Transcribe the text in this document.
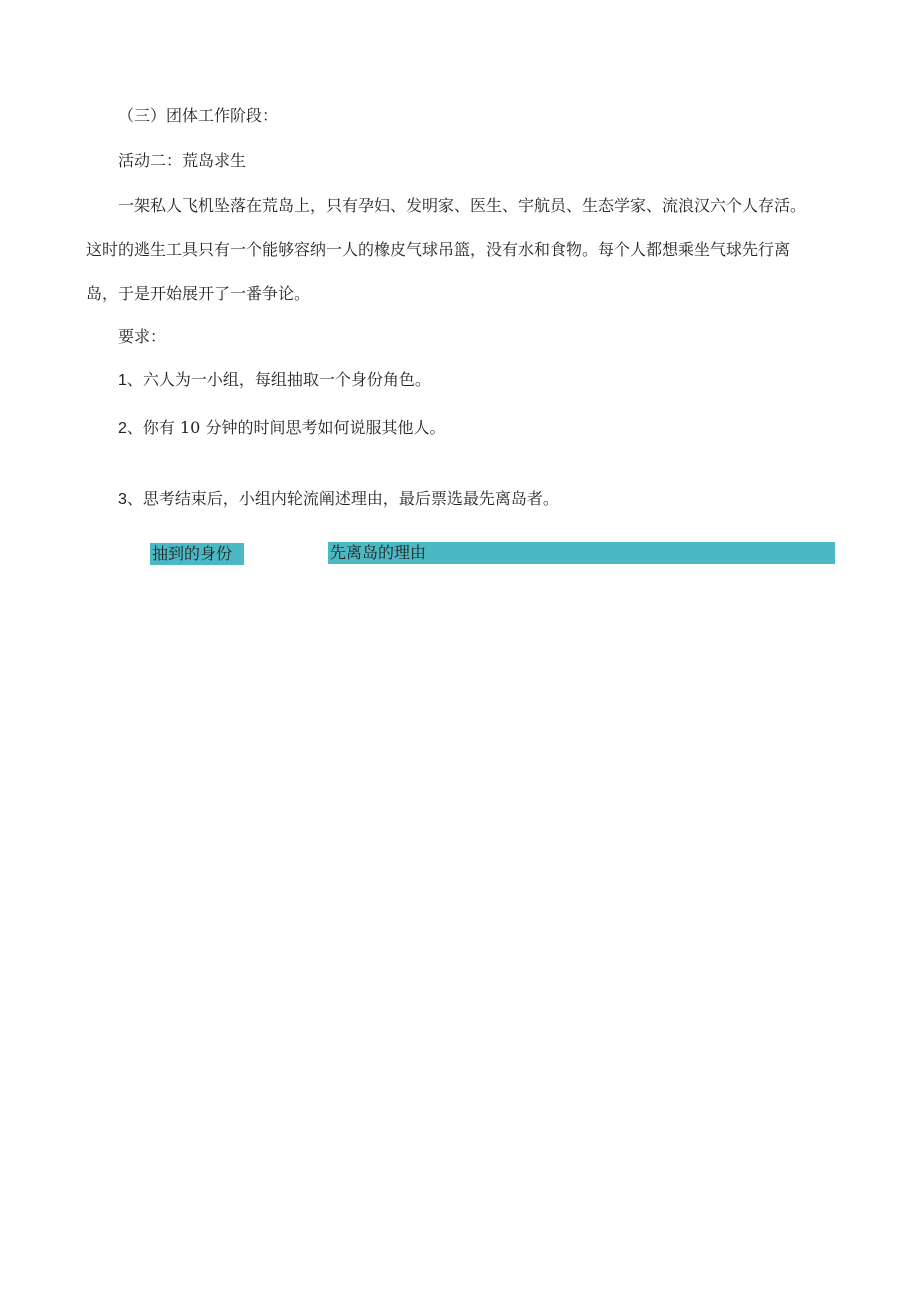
（三）团体工作阶段：

活动二：荒岛求生

一架私人飞机坠落在荒岛上，只有孕妇、发明家、医生、宇航员、生态学家、流浪汉六个人存活。

这时的逃生工具只有一个能够容纳一人的橡皮气球吊篮，没有水和食物。每个人都想乘坐气球先行离

岛，于是开始展开了一番争论。

要求：

1、六人为一小组，每组抽取一个身份角色。

2、你有 10 分钟的时间思考如何说服其他人。

3、思考结束后，小组内轮流阐述理由，最后票选最先离岛者。

抽到的身份	先离岛的理由
